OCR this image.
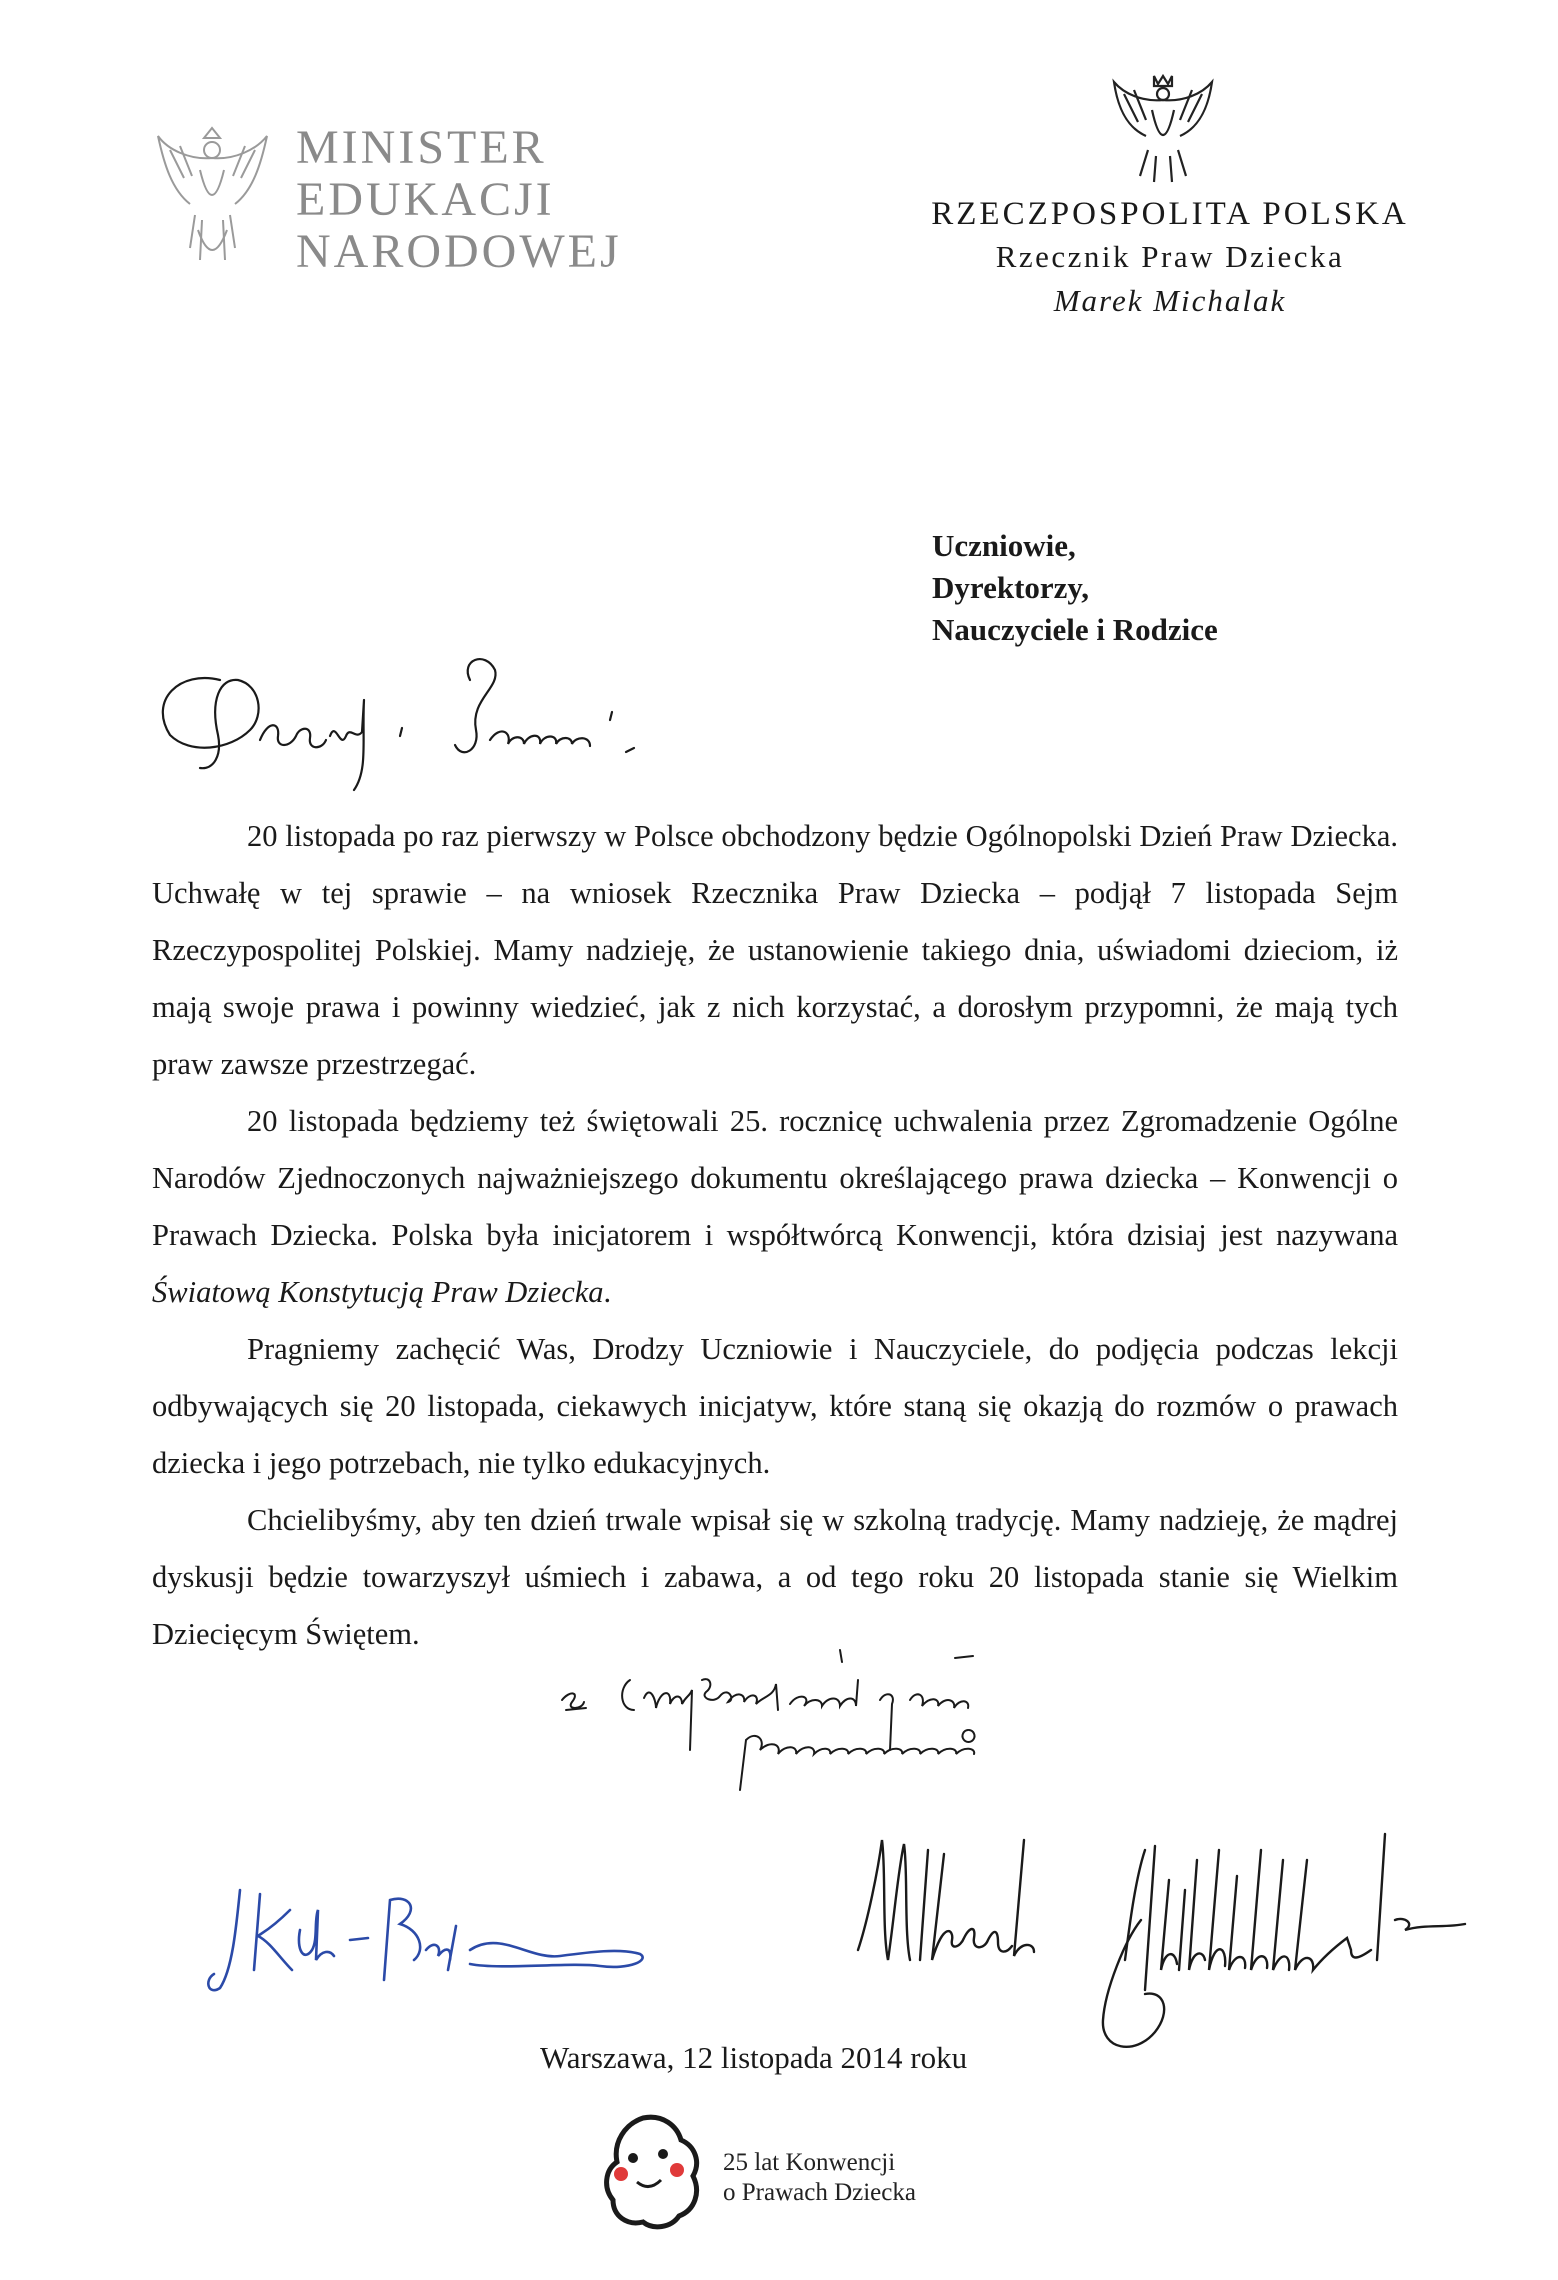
MINISTER
EDUKACJI
NARODOWEJ
RZECZPOSPOLITA POLSKA
Rzecznik Praw Dziecka
Marek Michalak
Uczniowie,
Dyrektorzy,
Nauczyciele i Rodzice

20 listopada po raz pierwszy w Polsce obchodzony będzie Ogólnopolski Dzień Praw Dziecka. Uchwałę w tej sprawie – na wniosek Rzecznika Praw Dziecka – podjął 7 listopada Sejm Rzeczypospolitej Polskiej. Mamy nadzieję, że ustanowienie takiego dnia, uświadomi dzieciom, iż mają swoje prawa i powinny wiedzieć, jak z nich korzystać, a dorosłym przypomni, że mają tych praw zawsze przestrzegać.

20 listopada będziemy też świętowali 25. rocznicę uchwalenia przez Zgromadzenie Ogólne Narodów Zjednoczonych najważniejszego dokumentu określającego prawa dziecka – Konwencji o Prawach Dziecka. Polska była inicjatorem i współtwórcą Konwencji, która dzisiaj jest nazywana Światową Konstytucją Praw Dziecka.

Pragniemy zachęcić Was, Drodzy Uczniowie i Nauczyciele, do podjęcia podczas lekcji odbywających się 20 listopada, ciekawych inicjatyw, które staną się okazją do rozmów o prawach dziecka i jego potrzebach, nie tylko edukacyjnych.

Chcielibyśmy, aby ten dzień trwale wpisał się w szkolną tradycję. Mamy nadzieję, że mądrej dyskusji będzie towarzyszył uśmiech i zabawa, a od tego roku 20 listopada stanie się Wielkim Dziecięcym Świętem.

Warszawa, 12 listopada 2014 roku
25 lat Konwencji
o Prawach Dziecka
